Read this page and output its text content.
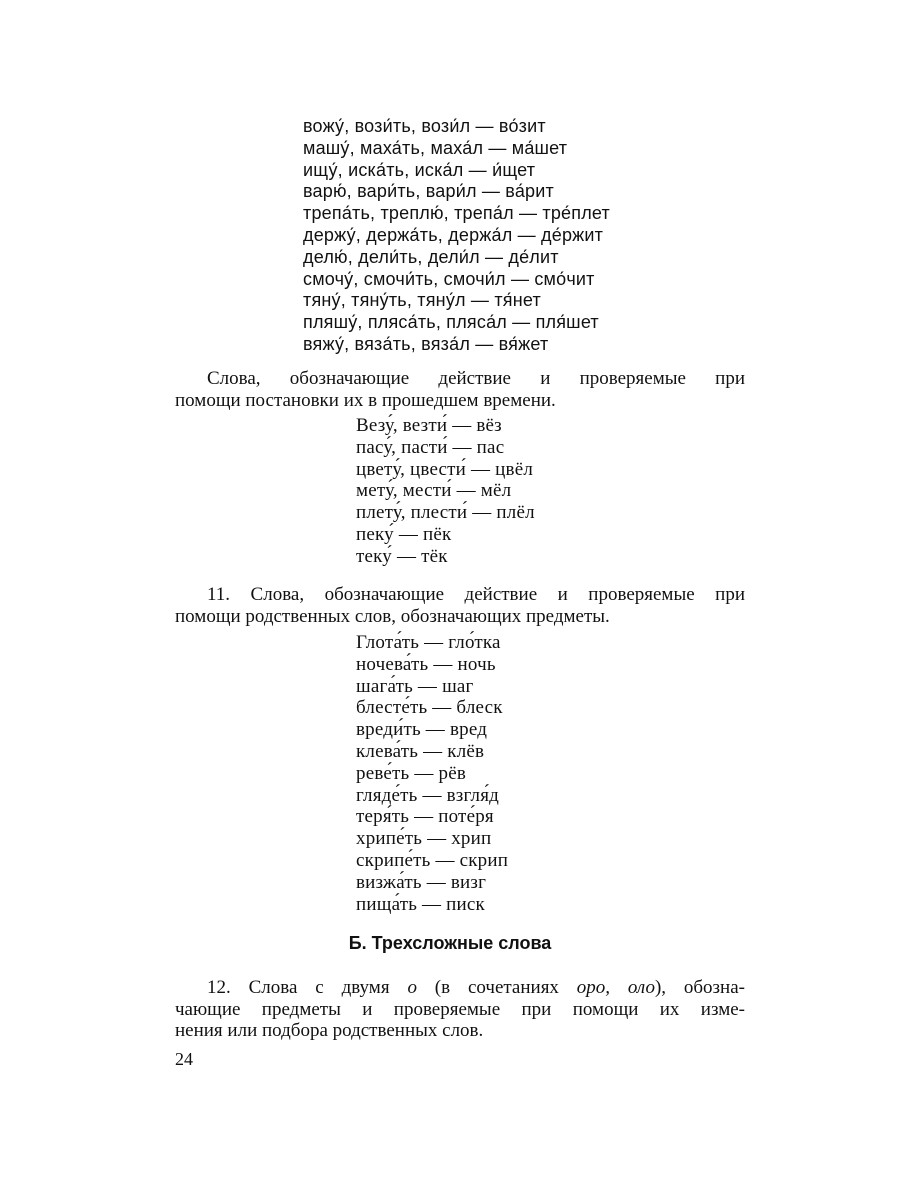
вожу́, вози́ть, вози́л — во́зит
машу́, маха́ть, маха́л — ма́шет
ищу́, иска́ть, иска́л — и́щет
варю́, вари́ть, вари́л — ва́рит
трепа́ть, треплю́, трепа́л — тре́плет
держу́, держа́ть, держа́л — де́ржит
делю́, дели́ть, дели́л — де́лит
смочу́, смочи́ть, смочи́л — смо́чит
тяну́, тяну́ть, тяну́л — тя́нет
пляшу́, пляса́ть, пляса́л — пля́шет
вяжу́, вяза́ть, вяза́л — вя́жет

Слова, обозначающие действие и проверяемые при
помощи постановки их в прошедшем времени.

Везу́, везти́ — вёз
пасу́, пасти́ — пас
цвету́, цвести́ — цвёл
мету́, мести́ — мёл
плету́, плести́ — плёл
пеку́ — пёк
теку́ — тёк

11. Слова, обозначающие действие и проверяемые при
помощи родственных слов, обозначающих предметы.

Глота́ть — гло́тка
ночева́ть — ночь
шага́ть — шаг
блесте́ть — блеск
вреди́ть — вред
клева́ть — клёв
реве́ть — рёв
гляде́ть — взгля́д
теря́ть — поте́ря
хрипе́ть — хрип
скрипе́ть — скрип
визжа́ть — визг
пища́ть — писк
Б. Трехсложные слова

12. Слова с двумя о (в сочетаниях оро, оло), обозна-
чающие предметы и проверяемые при помощи их изме-
нения или подбора родственных слов.

24
